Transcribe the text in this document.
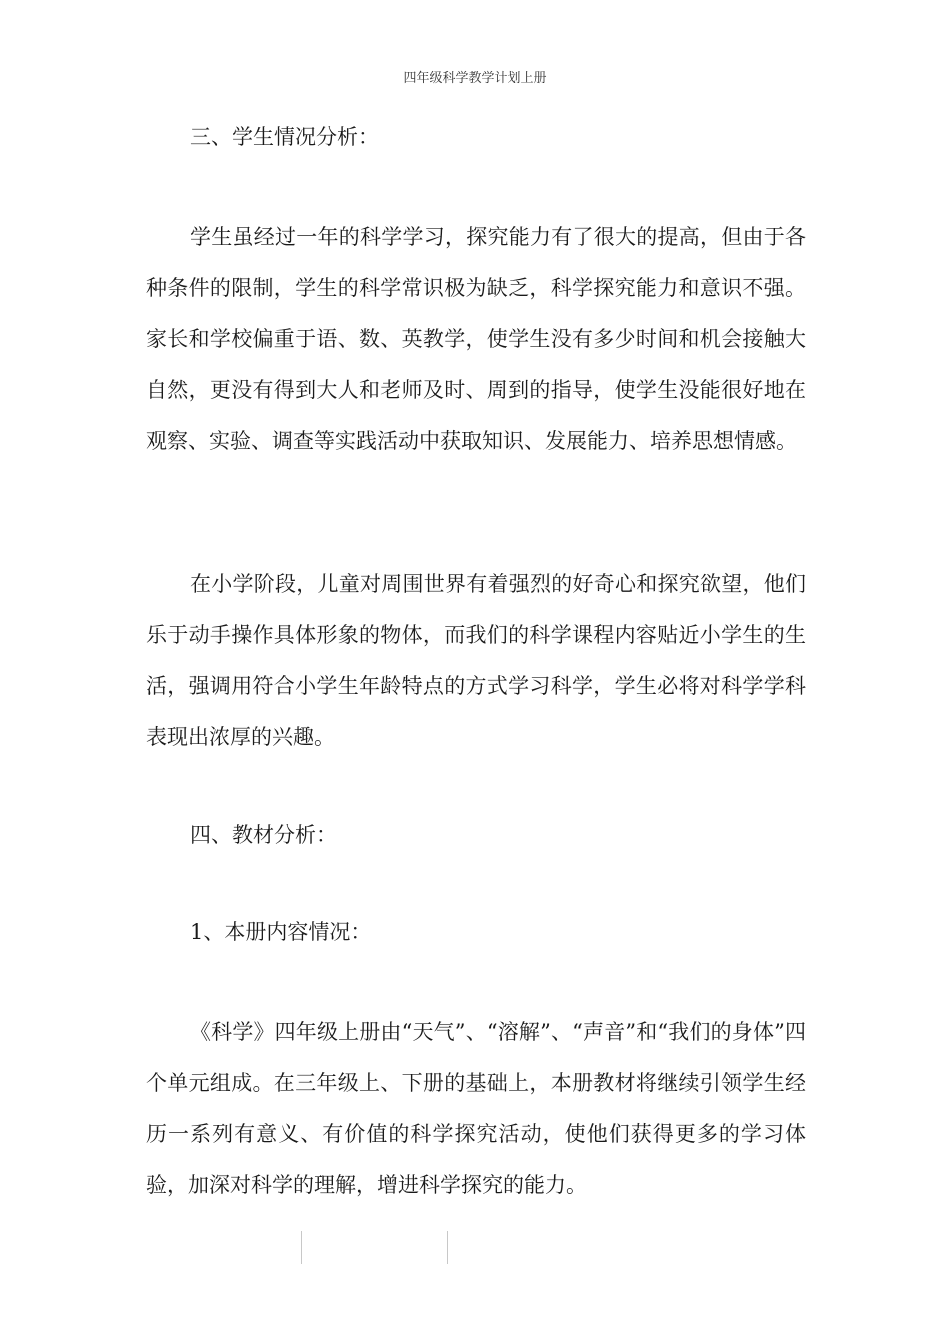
四年级科学教学计划上册
三、学生情况分析：

学生虽经过一年的科学学习，探究能力有了很大的提高，但由于各种条件的限制，学生的科学常识极为缺乏，科学探究能力和意识不强。家长和学校偏重于语、数、英教学，使学生没有多少时间和机会接触大自然，更没有得到大人和老师及时、周到的指导，使学生没能很好地在观察、实验、调查等实践活动中获取知识、发展能力、培养思想情感。

在小学阶段，儿童对周围世界有着强烈的好奇心和探究欲望，他们乐于动手操作具体形象的物体，而我们的科学课程内容贴近小学生的生活，强调用符合小学生年龄特点的方式学习科学，学生必将对科学学科表现出浓厚的兴趣。

四、教材分析：
1、本册内容情况：

《科学》四年级上册由“天气”、“溶解”、“声音”和“我们的身体”四个单元组成。在三年级上、下册的基础上，本册教材将继续引领学生经历一系列有意义、有价值的科学探究活动，使他们获得更多的学习体验，加深对科学的理解，增进科学探究的能力。
